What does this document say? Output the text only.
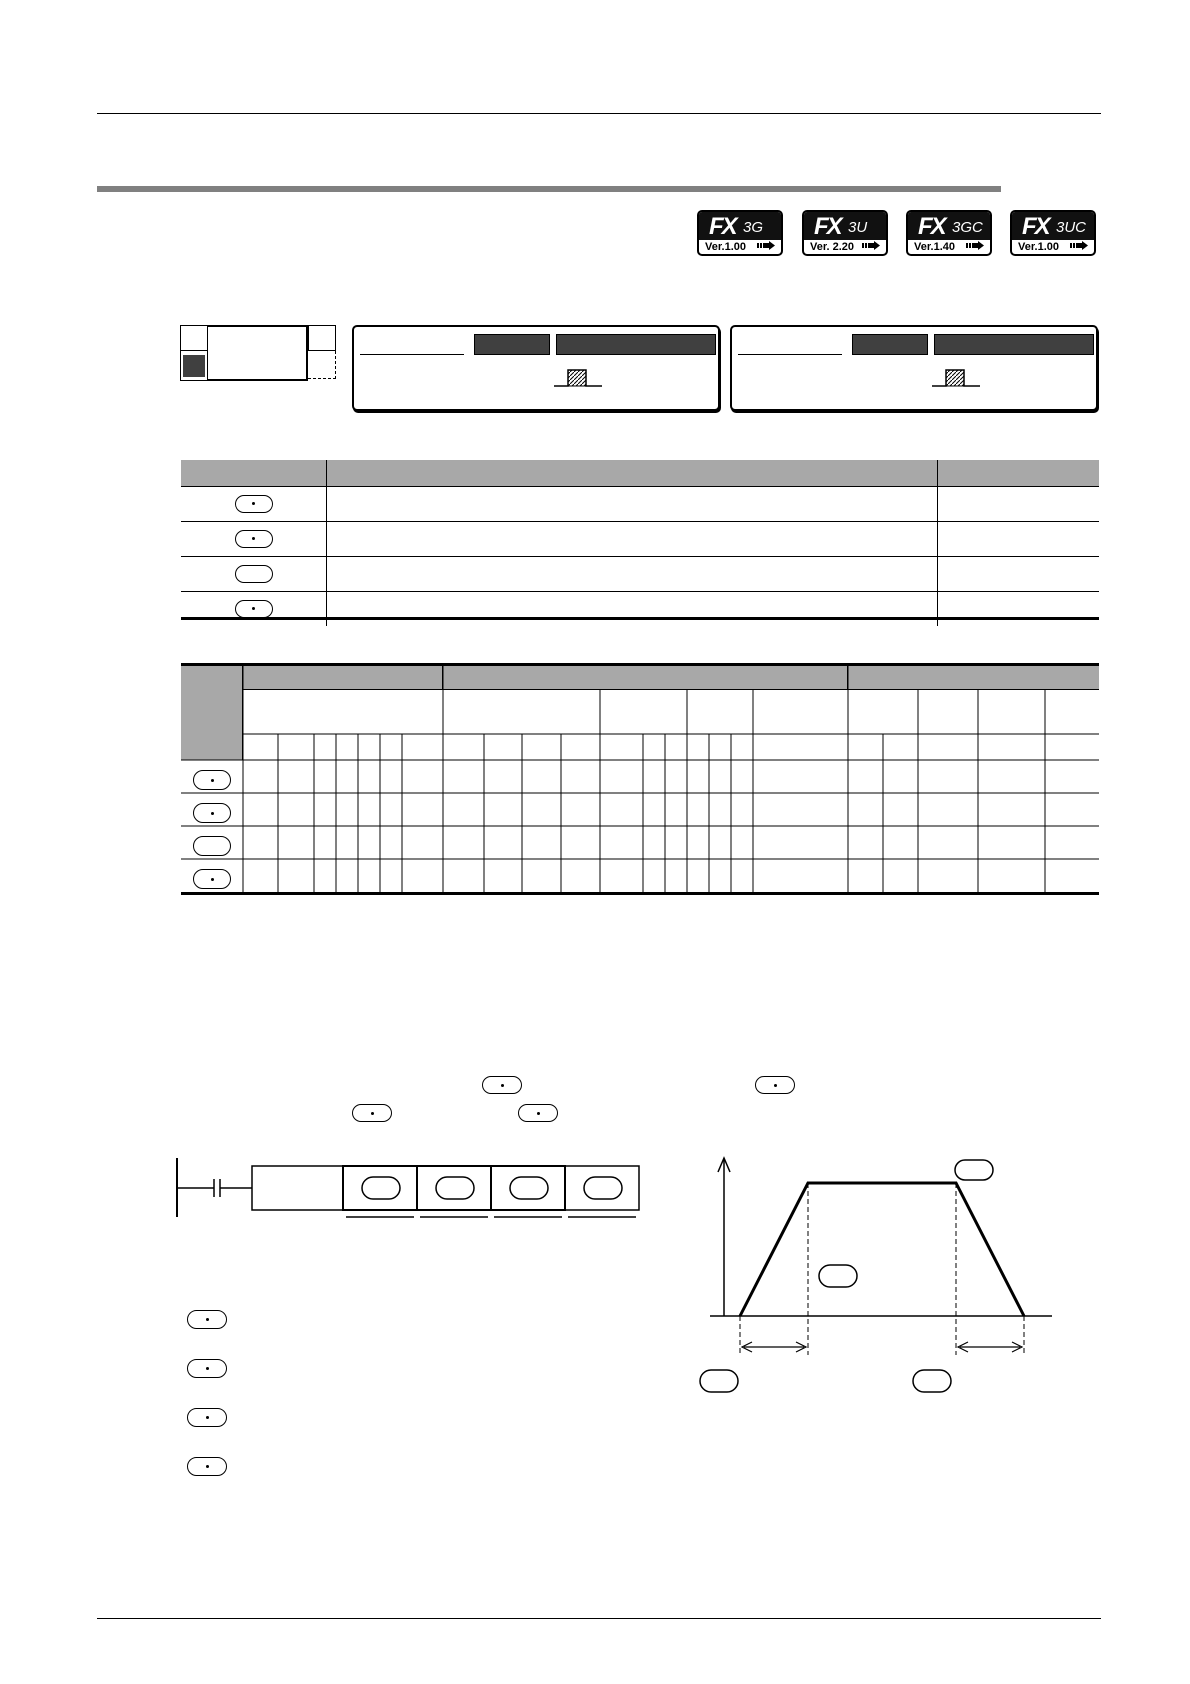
FX 3G
Ver.1.00
FX 3U
Ver. 2.20
FX 3GC
Ver.1.40
FX 3UC
Ver.1.00
